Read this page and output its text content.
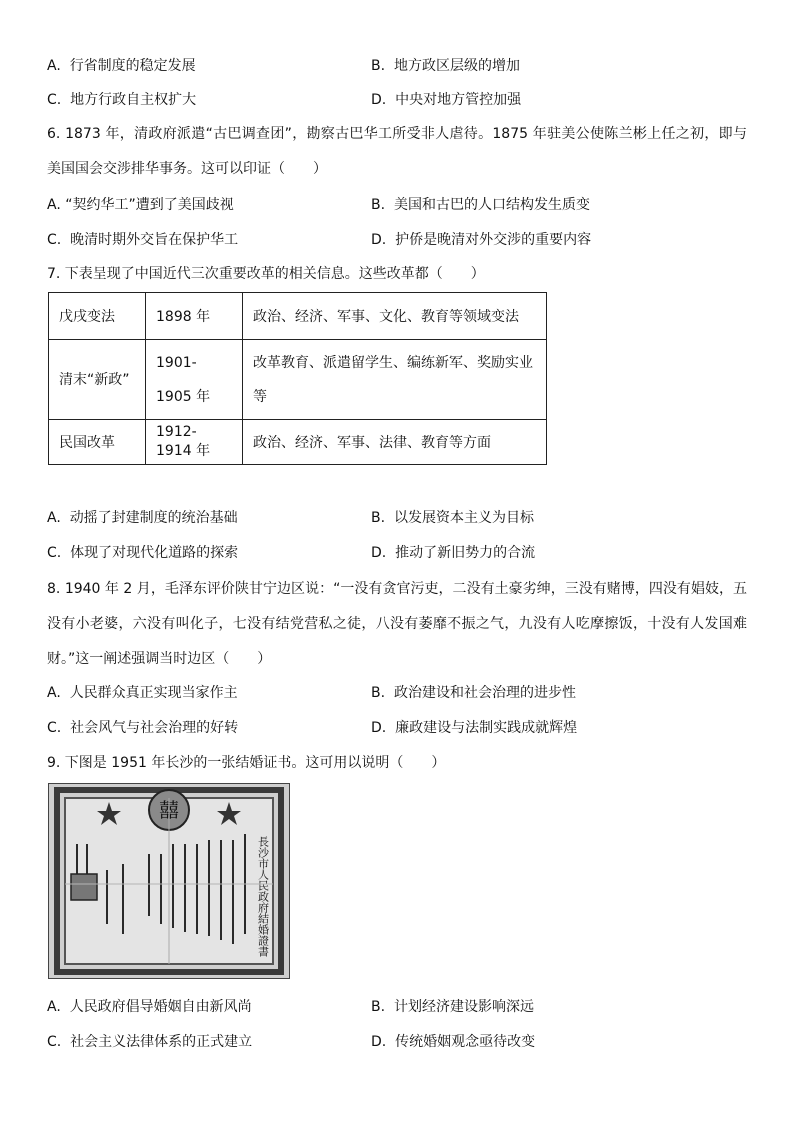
A. 行省制度的稳定发展	B. 地方政区层级的增加
C. 地方行政自主权扩大	D. 中央对地方管控加强
6. 1873 年，清政府派遣“古巴调查团”，勘察古巴华工所受非人虐待。1875 年驻美公使陈兰彬上任之初，即与美国国会交涉排华事务。这可以印证（　　）
A. “契约华工”遭到了美国歧视	B. 美国和古巴的人口结构发生质变
C. 晚清时期外交旨在保护华工	D. 护侨是晚清对外交涉的重要内容
7. 下表呈现了中国近代三次重要改革的相关信息。这些改革都（　　）
戊戌变法	1898 年	政治、经济、军事、文化、教育等领域变法
清末“新政”	1901-1905 年	改革教育、派遣留学生、编练新军、奖励实业等
民国改革	1912-1914 年	政治、经济、军事、法律、教育等方面
A. 动摇了封建制度的统治基础	B. 以发展资本主义为目标
C. 体现了对现代化道路的探索	D. 推动了新旧势力的合流
8. 1940 年 2 月，毛泽东评价陕甘宁边区说：“一没有贪官污吏，二没有土豪劣绅，三没有赌博，四没有娼妓，五没有小老婆，六没有叫化子，七没有结党营私之徒，八没有萎靡不振之气，九没有人吃摩擦饭，十没有人发国难财。”这一阐述强调当时边区（　　）
A. 人民群众真正实现当家作主	B. 政治建设和社会治理的进步性
C. 社会风气与社会治理的好转	D. 廉政建设与法制实践成就辉煌
9. 下图是 1951 年长沙的一张结婚证书。这可用以说明（　　）
囍
長沙市人民政府結婚證書
A. 人民政府倡导婚姻自由新风尚	B. 计划经济建设影响深远
C. 社会主义法律体系的正式建立	D. 传统婚姻观念亟待改变
